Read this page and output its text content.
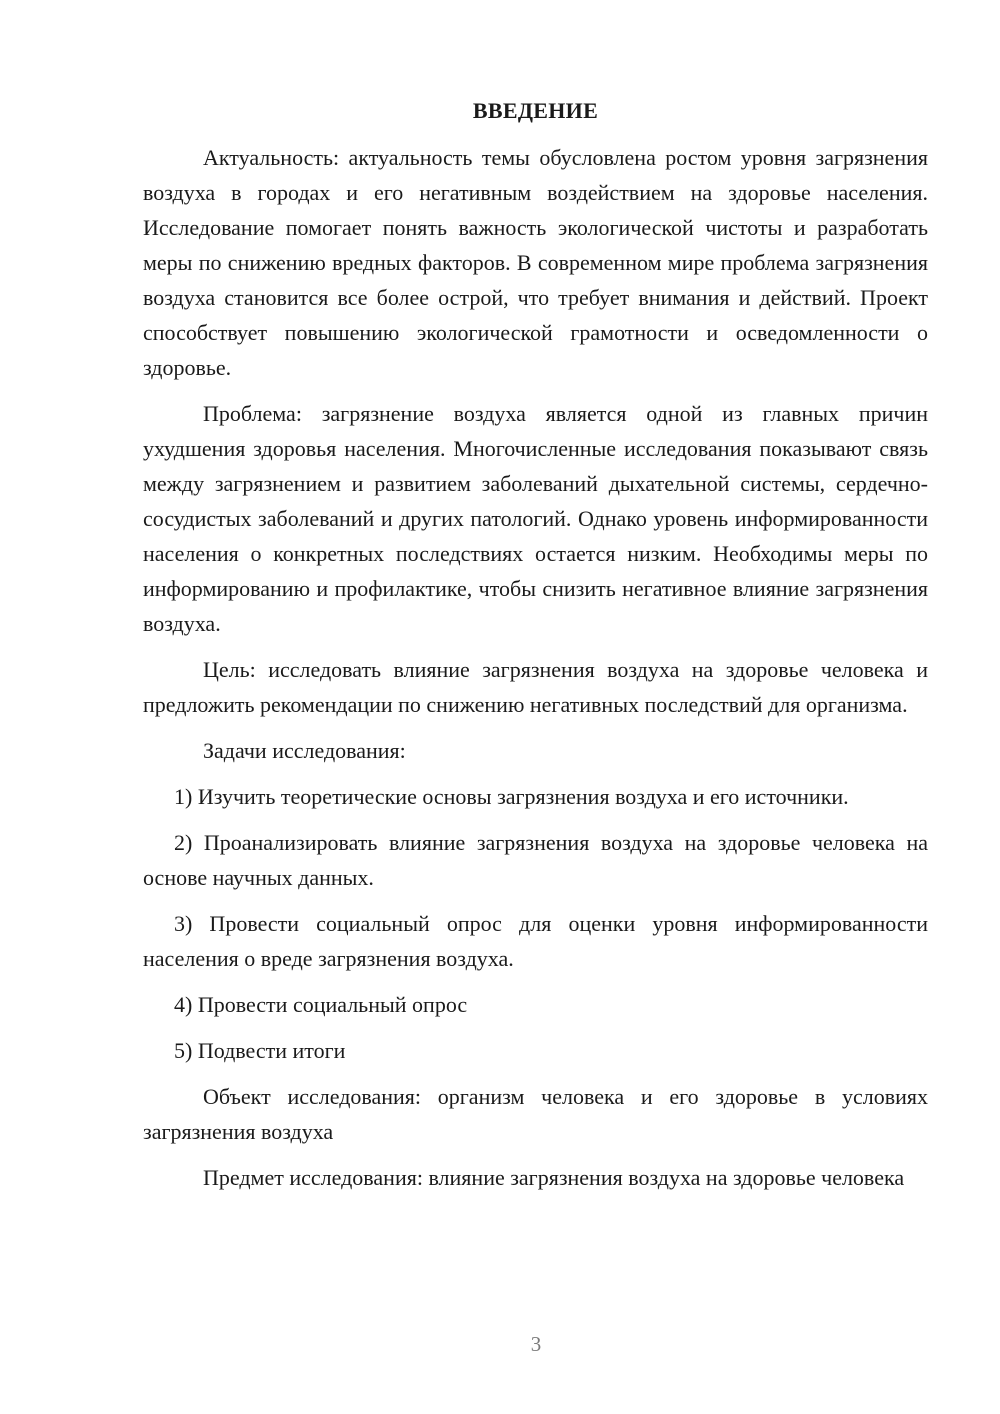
ВВЕДЕНИЕ

Актуальность: актуальность темы обусловлена ростом уровня загрязнения воздуха в городах и его негативным воздействием на здоровье населения. Исследование помогает понять важность экологической чистоты и разработать меры по снижению вредных факторов. В современном мире проблема загрязнения воздуха становится все более острой, что требует внимания и действий. Проект способствует повышению экологической грамотности и осведомленности о здоровье.

Проблема: загрязнение воздуха является одной из главных причин ухудшения здоровья населения. Многочисленные исследования показывают связь между загрязнением и развитием заболеваний дыхательной системы, сердечно-сосудистых заболеваний и других патологий. Однако уровень информированности населения о конкретных последствиях остается низким. Необходимы меры по информированию и профилактике, чтобы снизить негативное влияние загрязнения воздуха.

Цель: исследовать влияние загрязнения воздуха на здоровье человека и предложить рекомендации по снижению негативных последствий для организма.

Задачи исследования:

1) Изучить теоретические основы загрязнения воздуха и его источники.

2) Проанализировать влияние загрязнения воздуха на здоровье человека на основе научных данных.

3) Провести социальный опрос для оценки уровня информированности населения о вреде загрязнения воздуха.

4) Провести социальный опрос

5) Подвести итоги

Объект исследования: организм человека и его здоровье в условиях загрязнения воздуха

Предмет исследования: влияние загрязнения воздуха на здоровье человека

3
